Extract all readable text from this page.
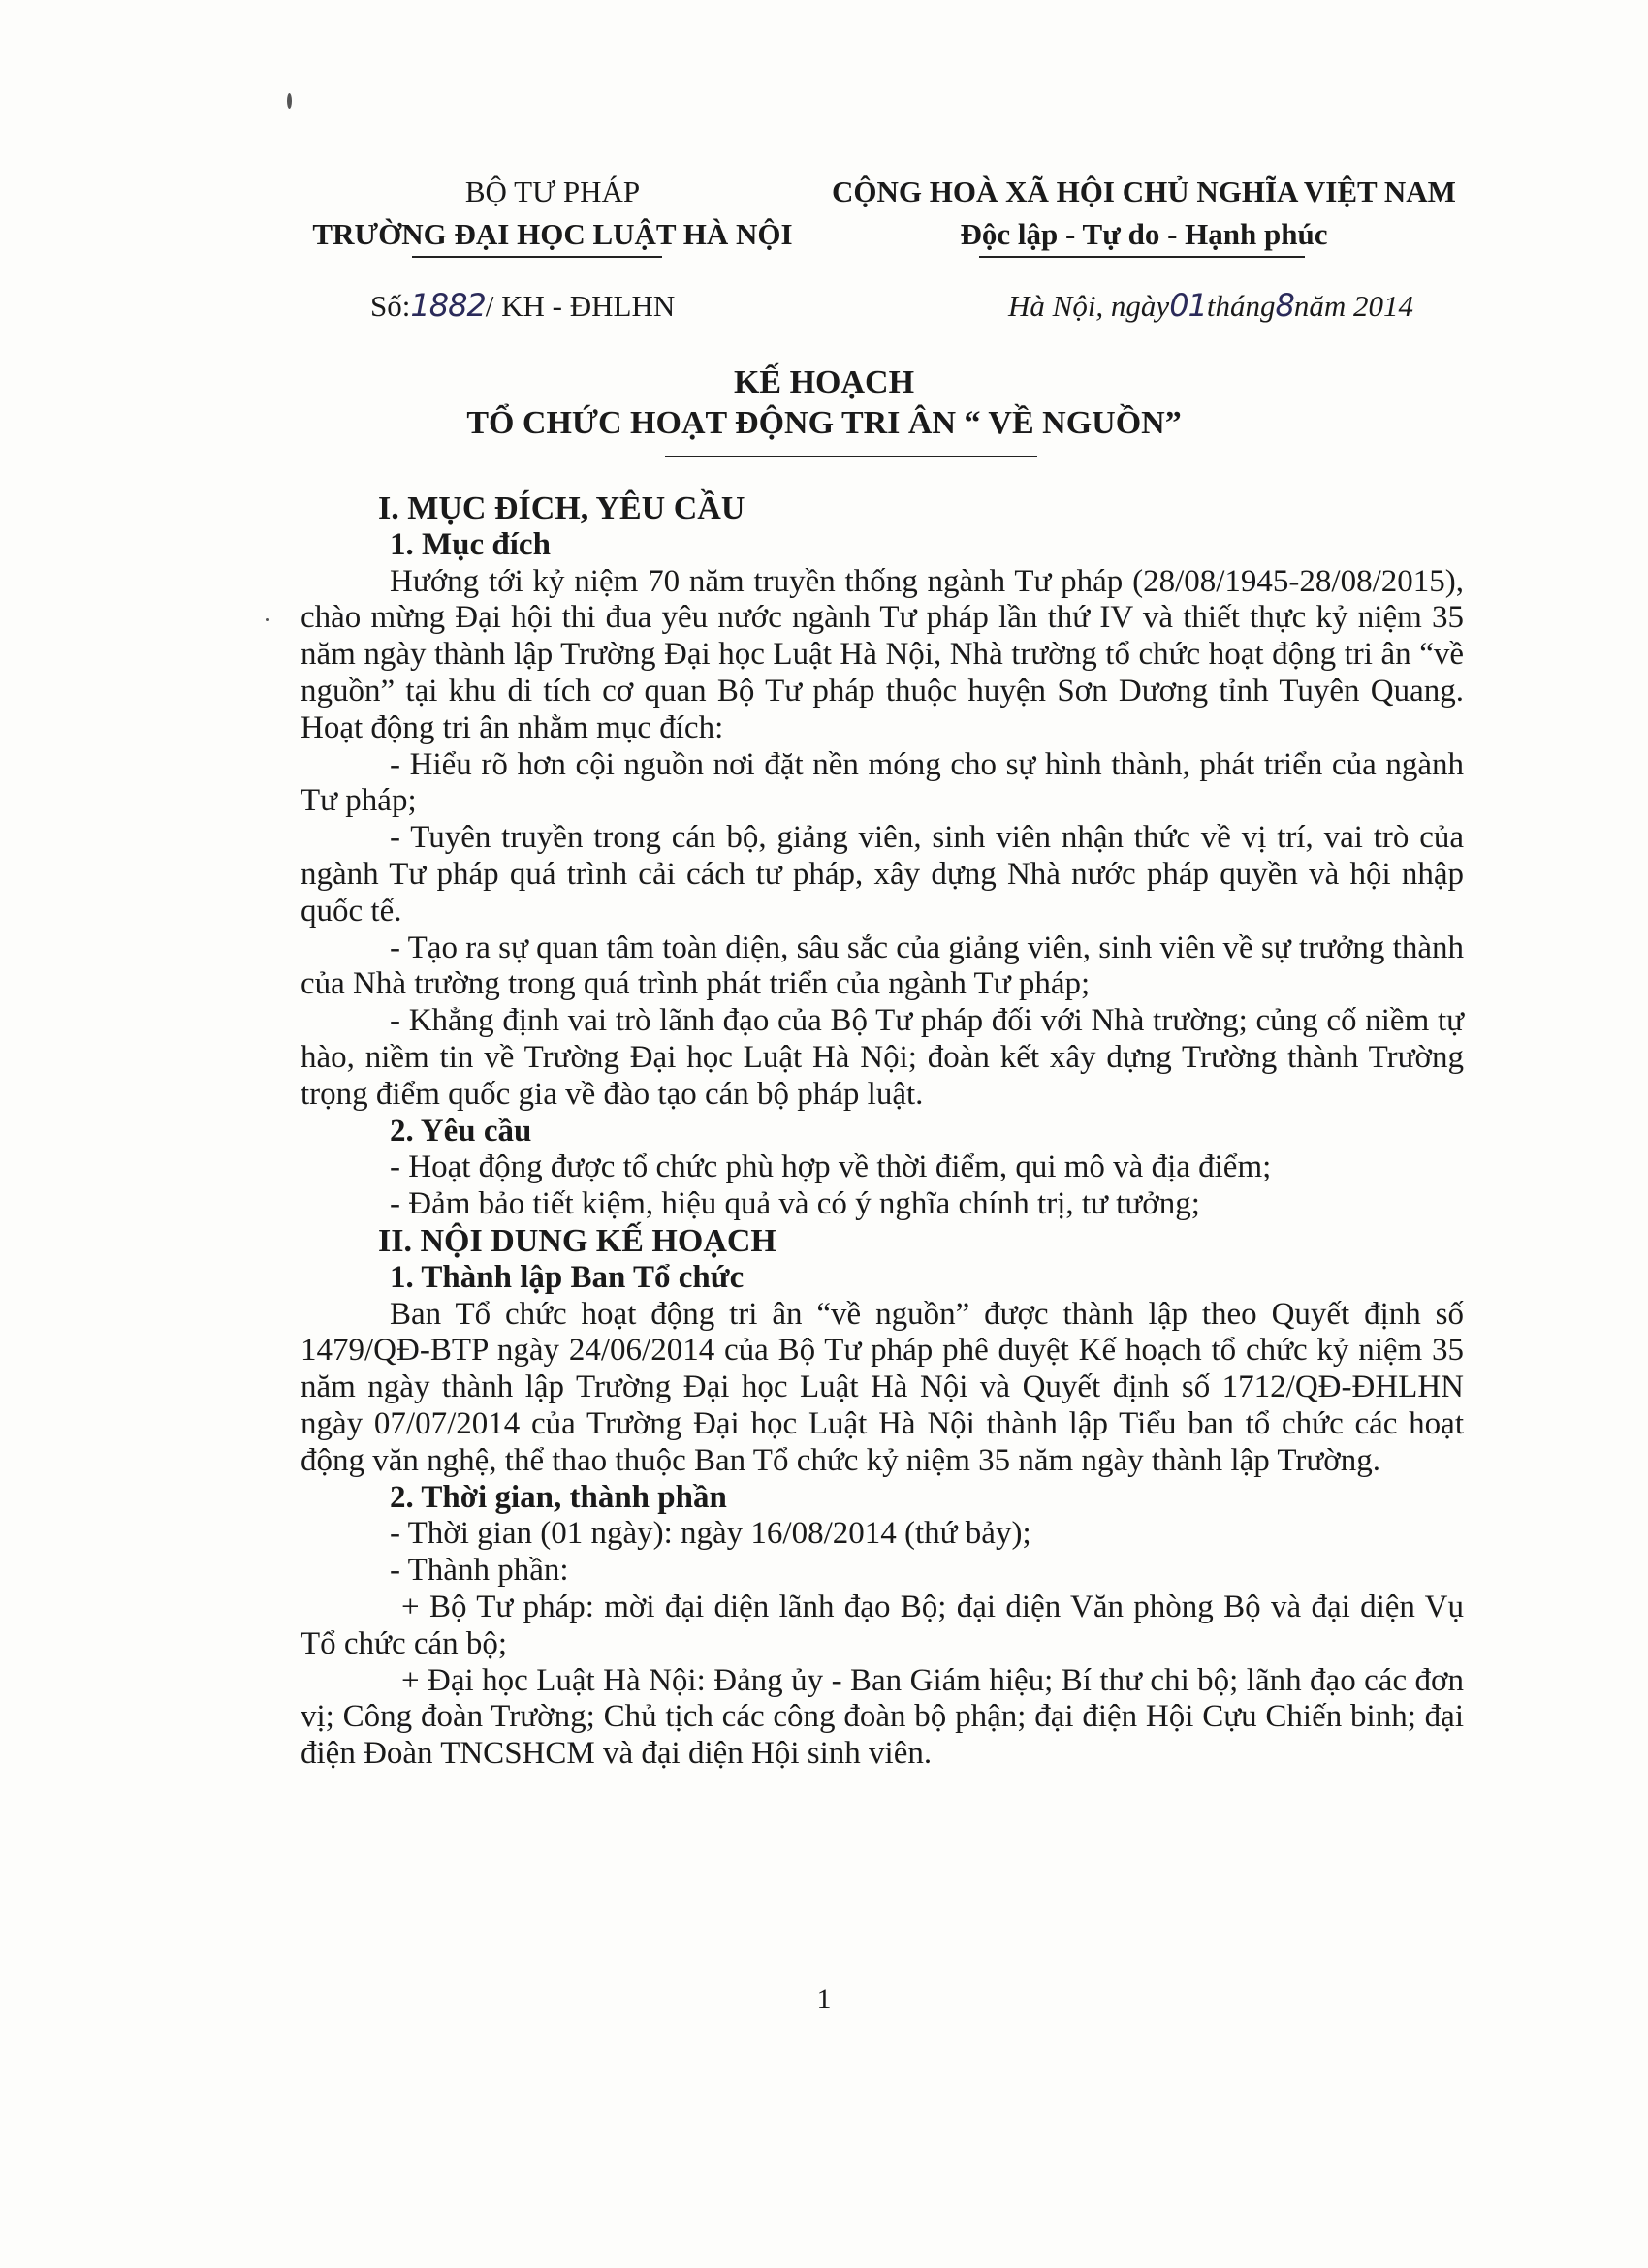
BỘ TƯ PHÁP
TRƯỜNG ĐẠI HỌC LUẬT HÀ NỘI
CỘNG HOÀ XÃ HỘI CHỦ NGHĨA VIỆT NAM
Độc lập - Tự do - Hạnh phúc
Số:1882/ KH - ĐHLHN	Hà Nội, ngày01tháng8năm 2014
KẾ HOẠCH
TỔ CHỨC HOẠT ĐỘNG TRI ÂN “ VỀ NGUỒN”

I. MỤC ĐÍCH, YÊU CẦU

1. Mục đích

Hướng tới kỷ niệm 70 năm truyền thống ngành Tư pháp (28/08/1945-28/08/2015), chào mừng Đại hội thi đua yêu nước ngành Tư pháp lần thứ IV và thiết thực kỷ niệm 35 năm ngày thành lập Trường Đại học Luật Hà Nội, Nhà trường tổ chức hoạt động tri ân “về nguồn” tại khu di tích cơ quan Bộ Tư pháp thuộc huyện Sơn Dương tỉnh Tuyên Quang. Hoạt động tri ân nhằm mục đích:

- Hiểu rõ hơn cội nguồn nơi đặt nền móng cho sự hình thành, phát triển của ngành Tư pháp;

- Tuyên truyền trong cán bộ, giảng viên, sinh viên nhận thức về vị trí, vai trò của ngành Tư pháp quá trình cải cách tư pháp, xây dựng Nhà nước pháp quyền và hội nhập quốc tế.

- Tạo ra sự quan tâm toàn diện, sâu sắc của giảng viên, sinh viên về sự trưởng thành của Nhà trường trong quá trình phát triển của ngành Tư pháp;

- Khẳng định vai trò lãnh đạo của Bộ Tư pháp đối với Nhà trường; củng cố niềm tự hào, niềm tin về Trường Đại học Luật Hà Nội; đoàn kết xây dựng Trường thành Trường trọng điểm quốc gia về đào tạo cán bộ pháp luật.

2. Yêu cầu

- Hoạt động được tổ chức phù hợp về thời điểm, qui mô và địa điểm;

- Đảm bảo tiết kiệm, hiệu quả và có ý nghĩa chính trị, tư tưởng;

II. NỘI DUNG KẾ HOẠCH

1. Thành lập Ban Tổ chức

Ban Tổ chức hoạt động tri ân “về nguồn” được thành lập theo Quyết định số 1479/QĐ-BTP ngày 24/06/2014 của Bộ Tư pháp phê duyệt Kế hoạch tổ chức kỷ niệm 35 năm ngày thành lập Trường Đại học Luật Hà Nội và Quyết định số 1712/QĐ-ĐHLHN ngày 07/07/2014 của Trường Đại học Luật Hà Nội thành lập Tiểu ban tổ chức các hoạt động văn nghệ, thể thao thuộc Ban Tổ chức kỷ niệm 35 năm ngày thành lập Trường.

2. Thời gian, thành phần

- Thời gian (01 ngày): ngày 16/08/2014 (thứ bảy);

- Thành phần:

+ Bộ Tư pháp: mời đại diện lãnh đạo Bộ; đại diện Văn phòng Bộ và đại diện Vụ Tổ chức cán bộ;

+ Đại học Luật Hà Nội: Đảng ủy - Ban Giám hiệu; Bí thư chi bộ; lãnh đạo các đơn vị; Công đoàn Trường; Chủ tịch các công đoàn bộ phận; đại điện Hội Cựu Chiến binh; đại điện Đoàn TNCSHCM và đại diện Hội sinh viên.

1
